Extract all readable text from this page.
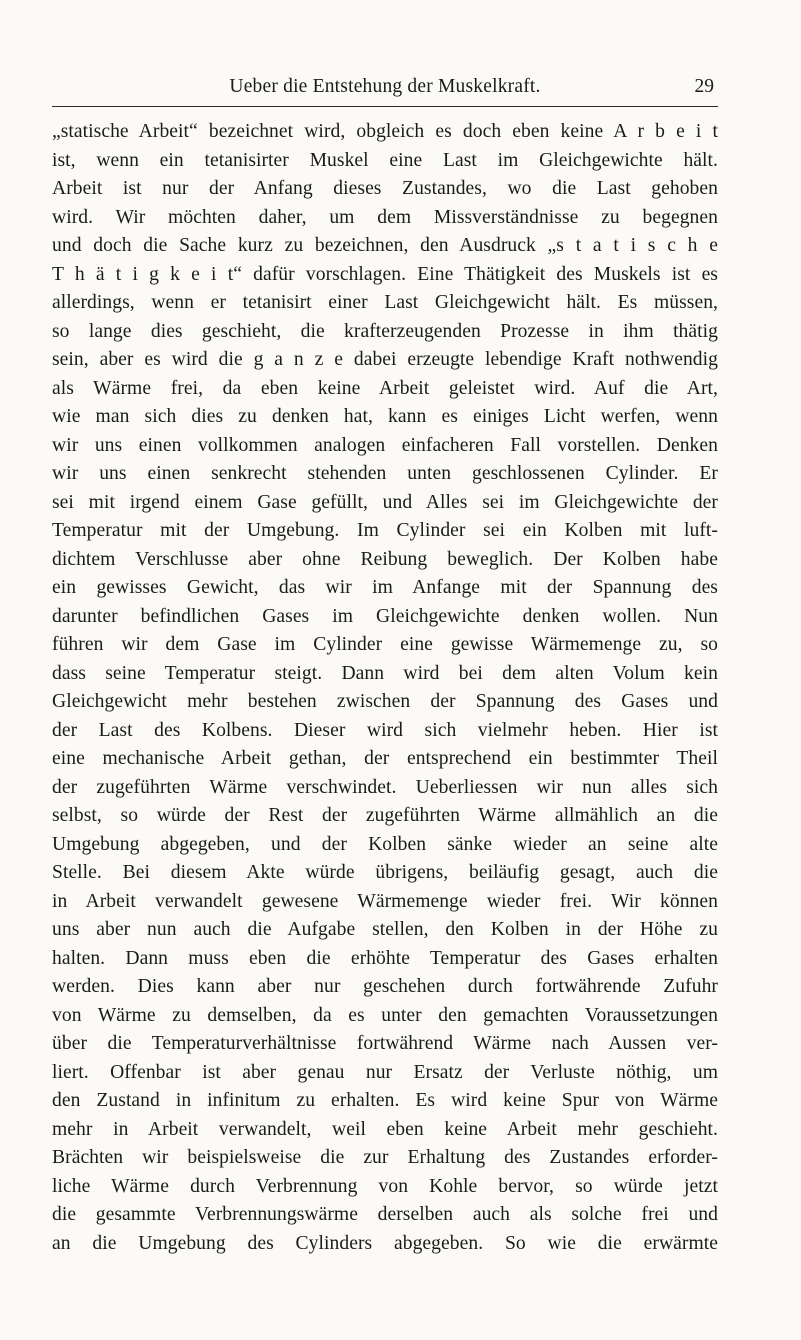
Ueber die Entstehung der Muskelkraft.	29
„statische Arbeit“ bezeichnet wird, obgleich es doch eben keine A r b e i t
ist, wenn ein tetanisirter Muskel eine Last im Gleichgewichte hält.
Arbeit ist nur der Anfang dieses Zustandes, wo die Last gehoben
wird. Wir möchten daher, um dem Missverständnisse zu begegnen
und doch die Sache kurz zu bezeichnen, den Ausdruck „s t a t i s c h e
T h ä t i g k e i t“ dafür vorschlagen. Eine Thätigkeit des Muskels ist es
allerdings, wenn er tetanisirt einer Last Gleichgewicht hält. Es müssen,
so lange dies geschieht, die krafterzeugenden Prozesse in ihm thätig
sein, aber es wird die g a n z e dabei erzeugte lebendige Kraft nothwendig
als Wärme frei, da eben keine Arbeit geleistet wird. Auf die Art,
wie man sich dies zu denken hat, kann es einiges Licht werfen, wenn
wir uns einen vollkommen analogen einfacheren Fall vorstellen. Denken
wir uns einen senkrecht stehenden unten geschlossenen Cylinder. Er
sei mit irgend einem Gase gefüllt, und Alles sei im Gleichgewichte der
Temperatur mit der Umgebung. Im Cylinder sei ein Kolben mit luft-
dichtem Verschlusse aber ohne Reibung beweglich. Der Kolben habe
ein gewisses Gewicht, das wir im Anfange mit der Spannung des
darunter befindlichen Gases im Gleichgewichte denken wollen. Nun
führen wir dem Gase im Cylinder eine gewisse Wärmemenge zu, so
dass seine Temperatur steigt. Dann wird bei dem alten Volum kein
Gleichgewicht mehr bestehen zwischen der Spannung des Gases und
der Last des Kolbens. Dieser wird sich vielmehr heben. Hier ist
eine mechanische Arbeit gethan, der entsprechend ein bestimmter Theil
der zugeführten Wärme verschwindet. Ueberliessen wir nun alles sich
selbst, so würde der Rest der zugeführten Wärme allmählich an die
Umgebung abgegeben, und der Kolben sänke wieder an seine alte
Stelle. Bei diesem Akte würde übrigens, beiläufig gesagt, auch die
in Arbeit verwandelt gewesene Wärmemenge wieder frei. Wir können
uns aber nun auch die Aufgabe stellen, den Kolben in der Höhe zu
halten. Dann muss eben die erhöhte Temperatur des Gases erhalten
werden. Dies kann aber nur geschehen durch fortwährende Zufuhr
von Wärme zu demselben, da es unter den gemachten Voraussetzungen
über die Temperaturverhältnisse fortwährend Wärme nach Aussen ver-
liert. Offenbar ist aber genau nur Ersatz der Verluste nöthig, um
den Zustand in infinitum zu erhalten. Es wird keine Spur von Wärme
mehr in Arbeit verwandelt, weil eben keine Arbeit mehr geschieht.
Brächten wir beispielsweise die zur Erhaltung des Zustandes erforder-
liche Wärme durch Verbrennung von Kohle bervor, so würde jetzt
die gesammte Verbrennungswärme derselben auch als solche frei und
an die Umgebung des Cylinders abgegeben. So wie die erwärmte
